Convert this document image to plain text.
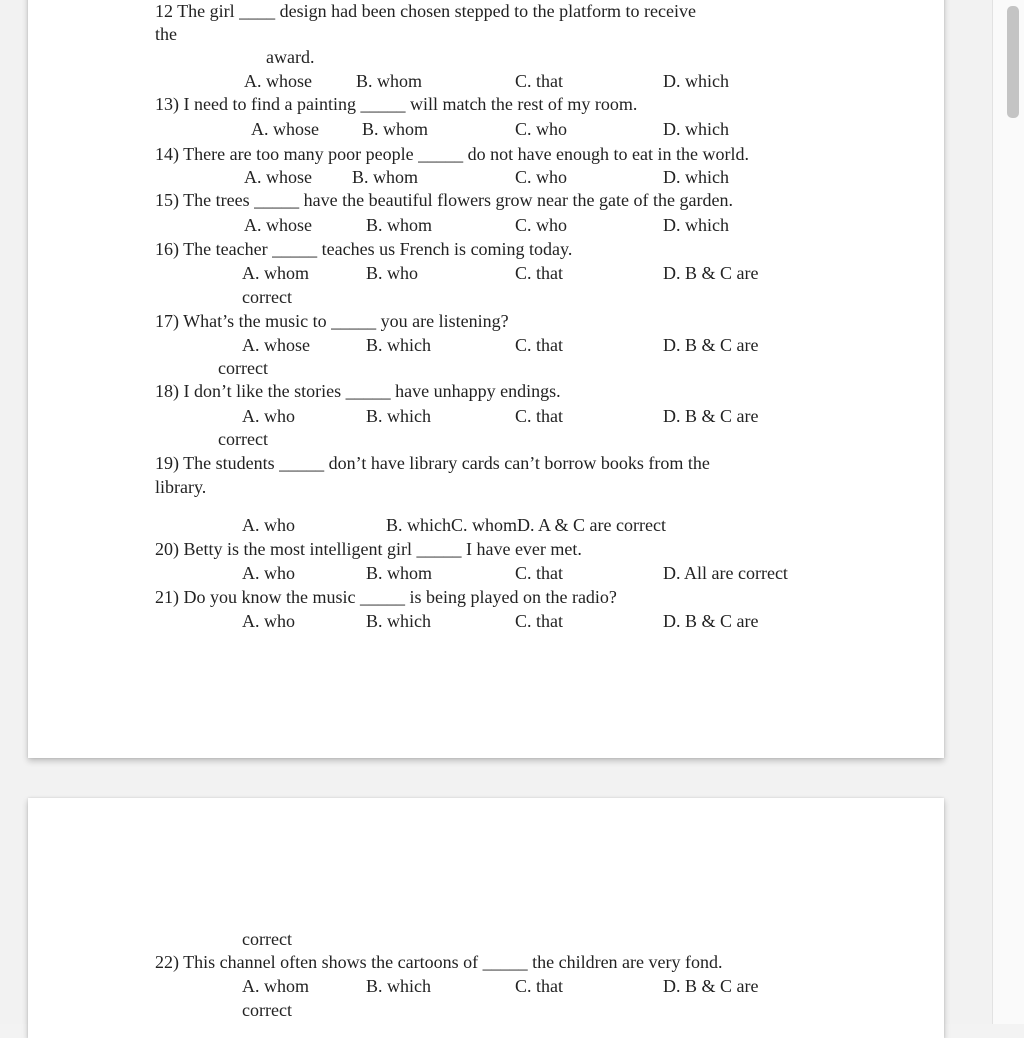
12 The girl ____ design had been chosen stepped to the platform to receive
the
award.
A. whose B. whom	C. that	D. which
13) I need to find a painting _____ will match the rest of my room.
A. whose B. whom	C. who	D. which
14) There are too many poor people _____ do not have enough to eat in the world.
A. whose B. whom	C. who	D. which
15) The trees _____ have the beautiful flowers grow near the gate of the garden.
A. whose	B. whom	C. who	D. which
16) The teacher _____ teaches us French is coming today.
A. whom	B. who	C. that	D. B & C are
correct
17) What’s the music to _____ you are listening?
A. whose	B. which	C. that	D. B & C are
correct
18) I don’t like the stories _____ have unhappy endings.
A. who	B. which	C. that	D. B & C are
correct
19) The students _____ don’t have library cards can’t borrow books from the
library.
A. who	B. whichC. whomD. A & C are correct
20) Betty is the most intelligent girl _____ I have ever met.
A. who	B. whom	C. that	D. All are correct
21) Do you know the music _____ is being played on the radio?
A. who	B. which	C. that	D. B & C are
correct
22) This channel often shows the cartoons of _____ the children are very fond.
A. whom	B. which	C. that	D. B & C are
correct
